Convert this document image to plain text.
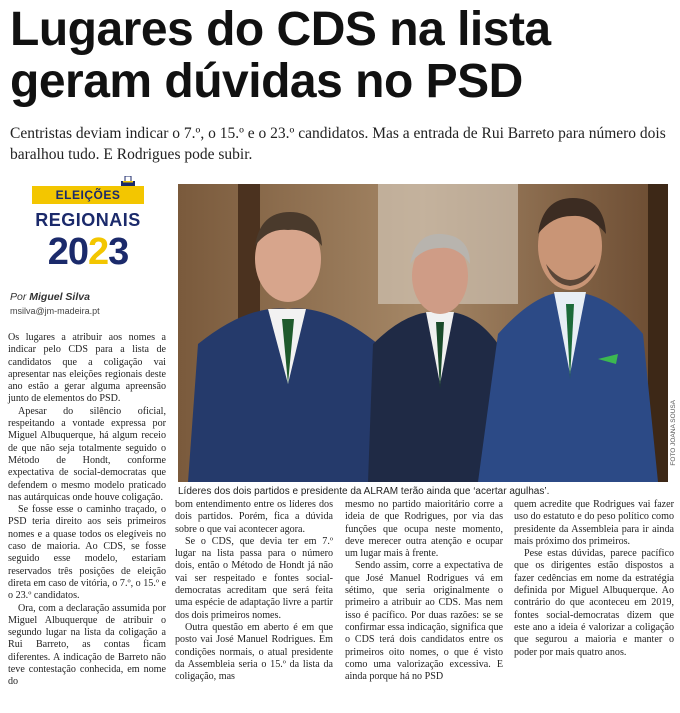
Lugares do CDS na lista
geram dúvidas no PSD

Centristas deviam indicar o 7.º, o 15.º e o 23.º candidatos. Mas a entrada de Rui Barreto para número dois baralhou tudo. E Rodrigues pode subir.

ELEIÇÕES
REGIONAIS
2023
Por Miguel Silva
msilva@jm-madeira.pt
FOTO JOANA SOUSA
Líderes dos dois partidos e presidente da ALRAM terão ainda que ‘acertar agulhas’.

Os lugares a atribuir aos nomes a indicar pelo CDS para a lista de candidatos que a coligação vai apresentar nas eleições regionais deste ano estão a gerar alguma apreensão junto de elementos do PSD.

Apesar do silêncio oficial, respeitando a vontade expressa por Miguel Albuquerque, há algum receio de que não seja totalmente seguido o Método de Hondt, conforme expectativa de social-democratas que defendem o mesmo modelo praticado nas autárquicas onde houve coligação.

Se fosse esse o caminho traçado, o PSD teria direito aos seis primeiros nomes e a quase todos os elegíveis no caso de maioria. Ao CDS, se fosse seguido esse modelo, estariam reservados três posições de eleição direta em caso de vitória, o 7.º, o 15.º e o 23.º candidatos.

Ora, com a declaração assumida por Miguel Albuquerque de atribuir o segundo lugar na lista da coligação a Rui Barreto, as contas ficam diferentes. A indicação de Barreto não teve contestação conhecida, em nome do

bom entendimento entre os líderes dos dois partidos. Porém, fica a dúvida sobre o que vai acontecer agora.

Se o CDS, que devia ter em 7.º lugar na lista passa para o número dois, então o Método de Hondt já não vai ser respeitado e fontes social-democratas acreditam que será feita uma espécie de adaptação livre a partir dos dois primeiros nomes.

Outra questão em aberto é em que posto vai José Manuel Rodrigues. Em condições normais, o atual presidente da Assembleia seria o 15.º da lista da coligação, mas

mesmo no partido maioritário corre a ideia de que Rodrigues, por via das funções que ocupa neste momento, deve merecer outra atenção e ocupar um lugar mais à frente.

Sendo assim, corre a expectativa de que José Manuel Rodrigues vá em sétimo, que seria originalmente o primeiro a atribuir ao CDS. Mas nem isso é pacífico. Por duas razões: se se confirmar essa indicação, significa que o CDS terá dois candidatos entre os primeiros oito nomes, o que é visto como uma valorização excessiva. E ainda porque há no PSD

quem acredite que Rodrigues vai fazer uso do estatuto e do peso político como presidente da Assembleia para ir ainda mais próximo dos primeiros.

Pese estas dúvidas, parece pacífico que os dirigentes estão dispostos a fazer cedências em nome da estratégia definida por Miguel Albuquerque. Ao contrário do que aconteceu em 2019, fontes social-democratas dizem que este ano a ideia é valorizar a coligação que segurou a maioria e manter o poder por mais quatro anos.
